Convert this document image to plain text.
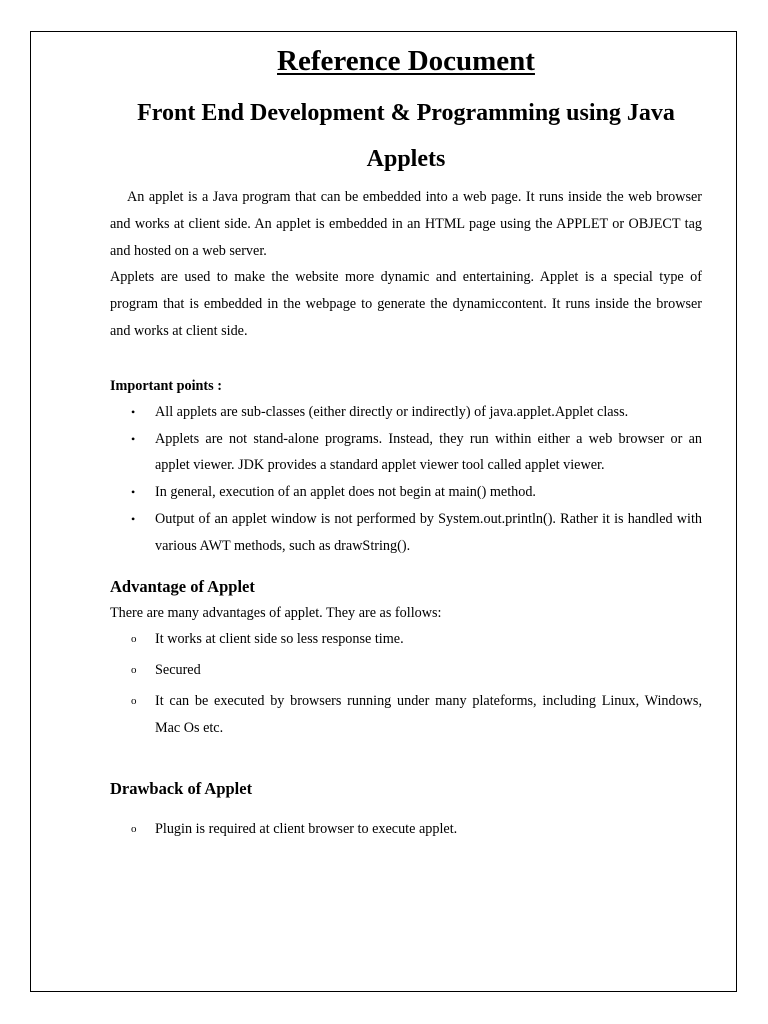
Reference Document
Front End Development & Programming using Java
Applets

An applet is a Java program that can be embedded into a web page. It runs inside the web browser and works at client side. An applet is embedded in an HTML page using the APPLET or OBJECT tag and hosted on a web server.

Applets are used to make the website more dynamic and entertaining. Applet is a special type of program that is embedded in the webpage to generate the dynamiccontent. It runs inside the browser and works at client side.

Important points :

• All applets are sub-classes (either directly or indirectly) of java.applet.Applet class.
• Applets are not stand-alone programs. Instead, they run within either a web browser or an applet viewer. JDK provides a standard applet viewer tool called applet viewer.
• In general, execution of an applet does not begin at main() method.
• Output of an applet window is not performed by System.out.println(). Rather it is handled with various AWT methods, such as drawString().
Advantage of Applet

There are many advantages of applet. They are as follows:

o It works at client side so less response time.
o Secured
o It can be executed by browsers running under many plateforms, including Linux, Windows, Mac Os etc.
Drawback of Applet
o Plugin is required at client browser to execute applet.
